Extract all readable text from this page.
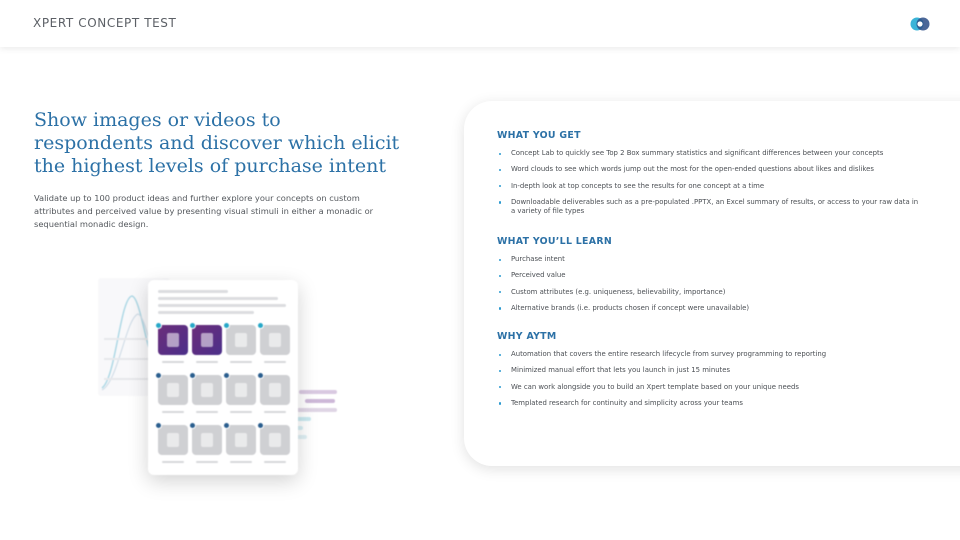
XPERT CONCEPT TEST
Show images or videos to respondents and discover which elicit the highest levels of purchase intent
Validate up to 100 product ideas and further explore your concepts on custom attributes and perceived value by presenting visual stimuli in either a monadic or sequential monadic design.
WHAT YOU GET
Concept Lab to quickly see Top 2 Box summary statistics and significant differences between your concepts
Word clouds to see which words jump out the most for the open-ended questions about likes and dislikes
In-depth look at top concepts to see the results for one concept at a time
Downloadable deliverables such as a pre-populated .PPTX, an Excel summary of results, or access to your raw data in a variety of file types
WHAT YOU’LL LEARN
Purchase intent
Perceived value
Custom attributes (e.g. uniqueness, believability, importance)
Alternative brands (i.e. products chosen if concept were unavailable)
WHY AYTM
Automation that covers the entire research lifecycle from survey programming to reporting
Minimized manual effort that lets you launch in just 15 minutes
We can work alongside you to build an Xpert template based on your unique needs
Templated research for continuity and simplicity across your teams
